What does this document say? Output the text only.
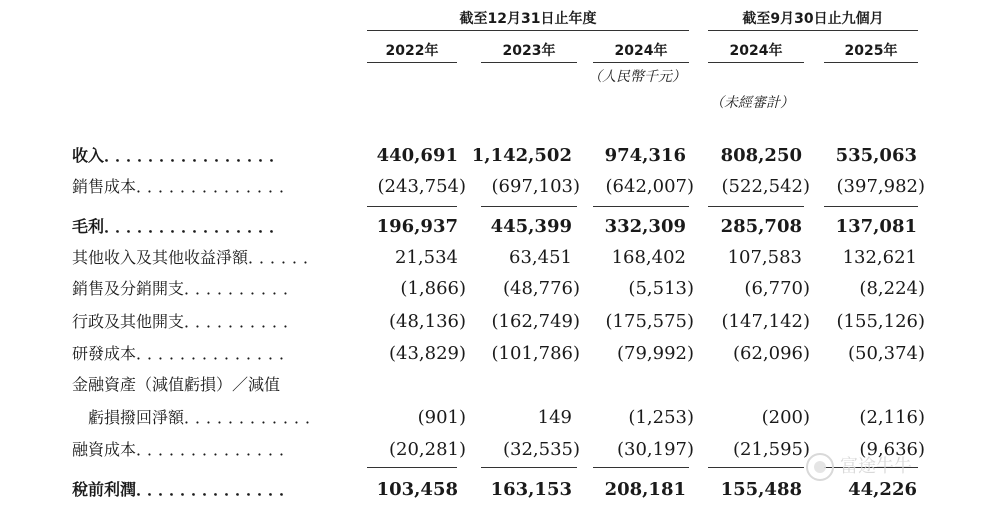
截至12月31日止年度	截至9月30日止九個月
2022年	2023年	2024年	2024年	2025年
（人民幣千元）
（未經審計）
收入．．．．．．．．．．．．．．．．	440,691 1,142,502	974,316	808,250	535,063
銷售成本．．．．．．．．．．．．．．	(243,754)	(697,103)	(642,007)	(522,542)	(397,982)
毛利．．．．．．．．．．．．．．．．	196,937	445,399	332,309	285,708	137,081
其他收入及其他收益淨額．．．．．．	21,534	63,451	168,402	107,583	132,621
銷售及分銷開支．．．．．．．．．．	(1,866)	(48,776)	(5,513)	(6,770)	(8,224)
行政及其他開支．．．．．．．．．．	(48,136)	(162,749)	(175,575)	(147,142)	(155,126)
研發成本．．．．．．．．．．．．．．	(43,829)	(101,786)	(79,992)	(62,096)	(50,374)
金融資產（減值虧損）／減值
　虧損撥回淨額．．．．．．．．．．．．	(901)	149	(1,253)	(200)	(2,116)
融資成本．．．．．．．．．．．．．．	(20,281)	(32,535)	(30,197)	(21,595)	(9,636)
稅前利潤．．．．．．．．．．．．．．	103,458	163,153	208,181	155,488	44,226
富途牛牛
